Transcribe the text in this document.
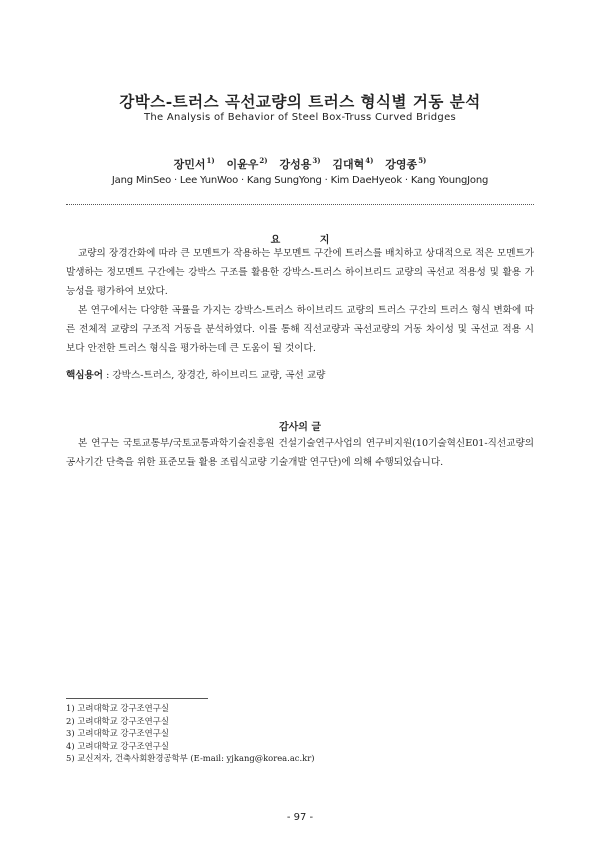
강박스-트러스 곡선교량의 트러스 형식별 거동 분석
The Analysis of Behavior of Steel Box-Truss Curved Bridges
장민서$^{1)}$ 이윤우$^{2)}$ 강성용$^{3)}$ 김대혁$^{4)}$ 강영종$^{5)}$
Jang MinSeo · Lee YunWoo · Kang SungYong · Kim DaeHyeok · Kang YoungJong
요 지

교량의 장경간화에 따라 큰 모멘트가 작용하는 부모멘트 구간에 트러스를 배치하고 상대적으로 적은 모멘트가 발생하는 정모멘트 구간에는 강박스 구조를 활용한 강박스-트러스 하이브리드 교량의 곡선교 적용성 및 활용 가능성을 평가하여 보았다.

본 연구에서는 다양한 곡률을 가지는 강박스-트러스 하이브리드 교량의 트러스 구간의 트러스 형식 변화에 따른 전체적 교량의 구조적 거동을 분석하였다. 이를 통해 직선교량과 곡선교량의 거동 차이성 및 곡선교 적용 시 보다 안전한 트러스 형식을 평가하는데 큰 도움이 될 것이다.

핵심용어 : 강박스-트러스, 장경간, 하이브리드 교량, 곡선 교량
감사의 글

본 연구는 국토교통부/국토교통과학기술진흥원 건설기술연구사업의 연구비지원(10기술혁신E01-직선교량의 공사기간 단축을 위한 표준모듈 활용 조립식교량 기술개발 연구단)에 의해 수행되었습니다.

1) 고려대학교 강구조연구실
2) 고려대학교 강구조연구실
3) 고려대학교 강구조연구실
4) 고려대학교 강구조연구실
5) 교신저자, 건축사회환경공학부 (E-mail: yjkang@korea.ac.kr)
- 97 -
